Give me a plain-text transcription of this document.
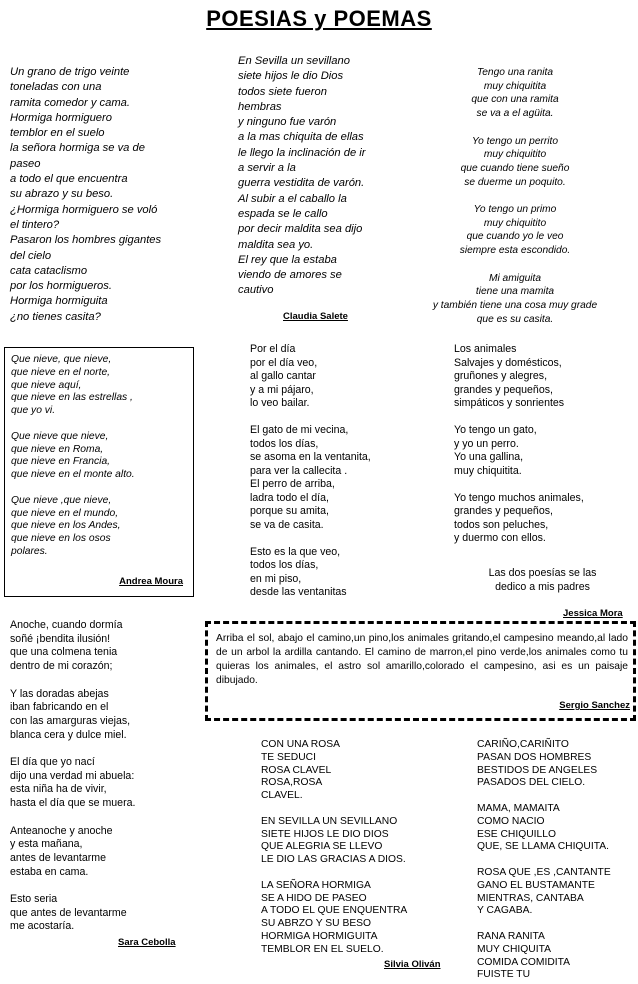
POESIAS y POEMAS
Un grano de trigo veinte
toneladas con una
ramita comedor y cama.
Hormiga hormiguero
temblor en el suelo
la señora hormiga se va de
paseo
a todo el que encuentra
su abrazo y su beso.
¿Hormiga hormiguero se voló
el tintero?
Pasaron los hombres gigantes
del cielo
cata cataclismo
por los hormigueros.
Hormiga hormiguita
¿no tienes casita?
En Sevilla un sevillano
siete hijos le dio Dios
todos siete fueron
hembras
y ninguno fue varón
a la mas chiquita de ellas
le llego la inclinación de ir
a servir a la
guerra vestidita de varón.
Al subir a el caballo la
espada se le callo
por decir maldita sea dijo
maldita sea yo.
El rey que la estaba
viendo de amores se
cautivo
Claudia Salete
Tengo una ranita
muy chiquitita
que con una ramita
se va a el agüita.

Yo tengo un perrito
muy chiquitito
que cuando tiene sueño
se duerme un poquito.

Yo tengo un primo
muy chiquitito
que cuando yo le veo
siempre esta escondido.

Mi amiguita
tiene una mamita
y también tiene una cosa muy grade
que es su casita.
Que nieve, que nieve,
que nieve en el norte,
que nieve aquí,
que nieve en las estrellas ,
que yo vi.

Que nieve que nieve,
que nieve en Roma,
que nieve en Francia,
que nieve en el monte alto.

Que nieve ,que nieve,
que nieve en el mundo,
que nieve en los Andes,
que nieve en los osos
polares.
Andrea Moura
Por el día
por el día veo,
al gallo cantar
y a mi pájaro,
lo veo bailar.

El gato de mi vecina,
todos los días,
se asoma en la ventanita,
para ver la callecita .
El perro de arriba,
ladra todo el día,
porque su amita,
se va de casita.

Esto es la que veo,
todos los días,
en mi piso,
desde las ventanitas
Los animales
Salvajes y domésticos,
gruñones y alegres,
grandes y pequeños,
simpáticos y sonrientes

Yo tengo un gato,
y yo un perro.
Yo una gallina,
muy chiquitita.

Yo tengo muchos animales,
grandes y pequeños,
todos son peluches,
y duermo con ellos.
Las dos poesías se las
dedico a mis padres
Jessica Mora
Arriba el sol, abajo el camino,un pino,los animales gritando,el campesino meando,al lado de un arbol la ardilla cantando. El camino de marron,el pino verde,los animales como tu quieras los animales, el astro sol amarillo,colorado el campesino, asi es un paisaje dibujado.
Sergio Sanchez
Anoche, cuando dormía
soñé ¡bendita ilusión!
que una colmena tenia
dentro de mi corazón;

Y las doradas abejas
iban fabricando en el
con las amarguras viejas,
blanca cera y dulce miel.

El día que yo nací
dijo una verdad mi abuela:
esta niña ha de vivir,
hasta el día que se muera.

Anteanoche y anoche
y esta mañana,
antes de levantarme
estaba en cama.

Esto seria
que antes de levantarme
me acostaría.
Sara Cebolla
CON UNA ROSA
TE SEDUCI
ROSA CLAVEL
ROSA,ROSA
CLAVEL.

EN SEVILLA UN SEVILLANO
SIETE HIJOS LE DIO DIOS
QUE ALEGRIA SE LLEVO
LE DIO LAS GRACIAS A DIOS.

LA SEÑORA HORMIGA
SE A HIDO DE PASEO
A TODO EL QUE ENQUENTRA
SU ABRZO Y SU BESO
HORMIGA HORMIGUITA
TEMBLOR EN EL SUELO.
Silvia Oliván
CARIÑO,CARIÑITO
PASAN DOS HOMBRES
BESTIDOS DE ANGELES
PASADOS DEL CIELO.

MAMA, MAMAITA
COMO NACIO
ESE CHIQUILLO
QUE, SE LLAMA CHIQUITA.

ROSA QUE ,ES ,CANTANTE
GANO EL BUSTAMANTE
MIENTRAS, CANTABA
Y CAGABA.

RANA RANITA
MUY CHIQUITA
COMIDA COMIDITA
FUISTE TU
